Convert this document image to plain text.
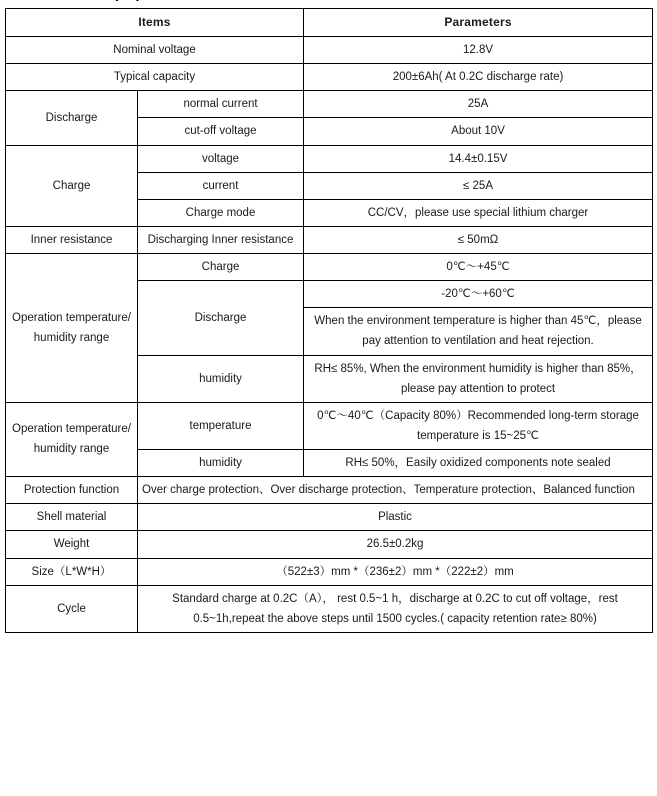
Items		Parameters
Nominal voltage		12.8V
Typical capacity		200±6Ah( At 0.2C discharge rate)
Discharge	normal current	25A
	cut-off voltage	About 10V
Charge	voltage	14.4±0.15V
	current	≤ 25A
	Charge mode	CC/CV，please use special lithium charger
Inner resistance	Discharging Inner resistance	≤ 50mΩ
Operation temperature/ humidity range	Charge	0℃～+45℃
	Discharge	-20℃～+60℃
		When the environment temperature is higher than 45℃，please pay attention to ventilation and heat rejection.
	humidity	RH≤ 85%, When the environment humidity is higher than 85%，please pay attention to protect
Operation temperature/ humidity range	temperature	0℃～40℃（Capacity 80%）Recommended long-term storage temperature is 15~25℃
	humidity	RH≤ 50%，Easily oxidized components note sealed
Protection function	Over charge protection、Over discharge protection、Temperature protection、Balanced function	
Shell material	Plastic	
Weight	26.5±0.2kg	
Size（L*W*H）	（522±3）mm *（236±2）mm *（222±2）mm	
Cycle	Standard charge at 0.2C（A）， rest 0.5~1 h，discharge at 0.2C to cut off voltage，rest 0.5~1h,repeat the above steps until 1500 cycles.( capacity retention rate≥ 80%)	
